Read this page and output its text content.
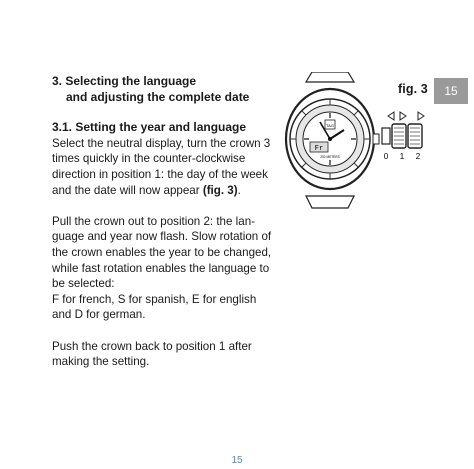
15
fig. 3
3. Selecting the language
and adjusting the complete date
3.1. Setting the year and language

Select the neutral display, turn the crown 3 times quickly in the counter-clockwise direction in position 1: the day of the week and the date will now appear (fig. 3).

Pull the crown out to position 2: the lan- guage and year now flash. Slow rotation of the crown enables the year to be changed, while fast rotation enables the language to be selected:

F for french, S for spanish, E for english and D for german.

Push the crown back to position 1 after making the setting.

TAG
Fr
200 METERS	0 1 2
15
